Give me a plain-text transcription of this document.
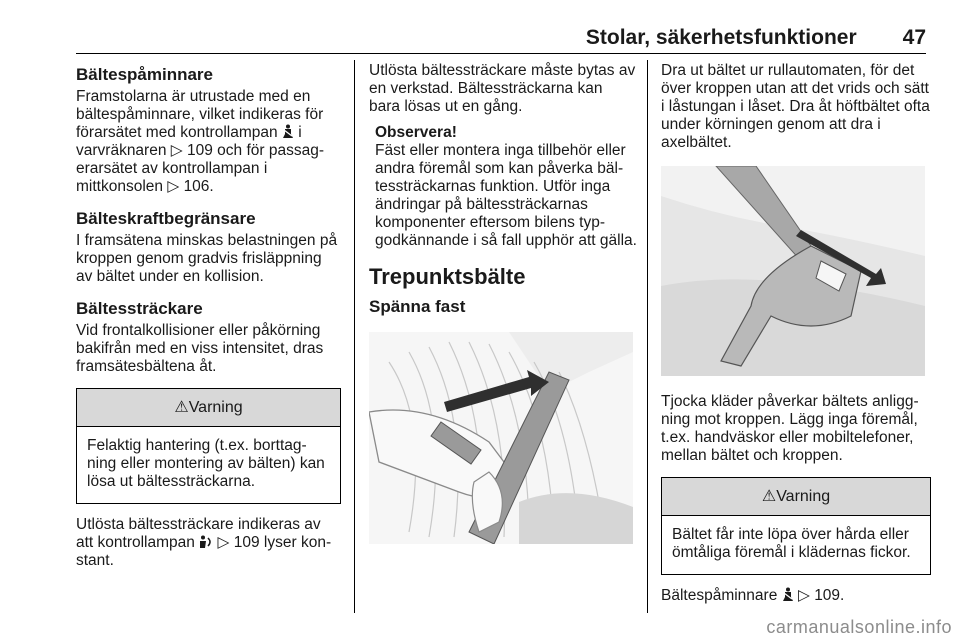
Stolar, säkerhetsfunktioner 47
Bältespåminnare

Framstolarna är utrustade med en bältespåminnare, vilket indikeras för förarsätet med kontrollampan i varvräknaren ▷ 109 och för passagerarsätet av kontrollampan i mittkonsolen ▷ 106.

Bälteskraftbegränsare

I framsätena minskas belastningen på kroppen genom gradvis frisläppning av bältet under en kollision.

Bältessträckare

Vid frontalkollisioner eller påkörning bakifrån med en viss intensitet, dras framsätesbältena åt.

⚠Varning
Felaktig hantering (t.ex. borttagning eller montering av bälten) kan lösa ut bältessträckarna.

Utlösta bältessträckare indikeras av att kontrollampan ▷ 109 lyser konstant.

Utlösta bältessträckare måste bytas av en verkstad. Bältessträckarna kan bara lösas ut en gång.

Observera!

Fäst eller montera inga tillbehör eller andra föremål som kan påverka bältessträckarnas funktion. Utför inga ändringar på bältessträckarnas komponenter eftersom bilens typgodkännande i så fall upphör att gälla.

Trepunktsbälte
Spänna fast

Dra ut bältet ur rullautomaten, för det över kroppen utan att det vrids och sätt i låstungan i låset. Dra åt höftbältet ofta under körningen genom att dra i axelbältet.

Tjocka kläder påverkar bältets anliggning mot kroppen. Lägg inga föremål, t.ex. handväskor eller mobiltelefoner, mellan bältet och kroppen.

⚠Varning
Bältet får inte löpa över hårda eller ömtåliga föremål i klädernas fickor.

Bältespåminnare ▷ 109.

carmanualsonline.info
